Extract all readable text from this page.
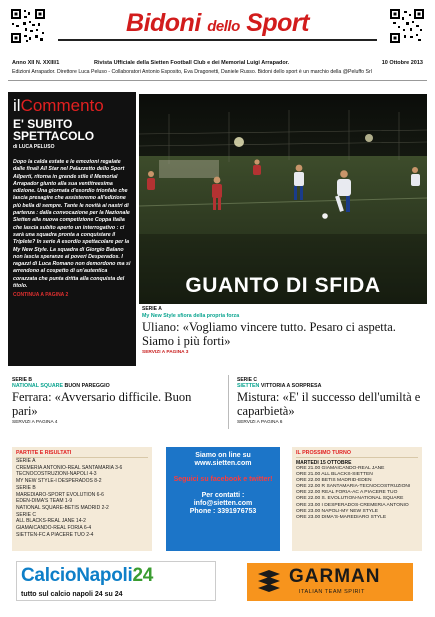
Bidoni dello Sport
Anno XII N. XXIII/1	Rivista Ufficiale della Sietten Football Club e dei Memorial Luigi Arrapador.	10 Ottobre 2013
Edizioni Arrapador. Direttore Luca Peluso - Collaboratori Antonio Esposito, Eva Dragonetti, Daniele Russo. Bidoni dello sport è un marchio della @Peluffo Srl
ilCommento
E' SUBITO SPETTACOLO
di LUCA PELUSO
Dopo la calda estate e le emozioni regalate dalle finali All Star nel Palazzetto dello Sport Allperti, ritorna in grande stile il Memorial Arrapador giunto alla sua ventitreesima edizione. Una giornata d'esordio trionfale che lascia presagire che assisteremo all'edizione più bella di sempre. Tante le novità ai nastri di partenza : dalla convocazione per la Nazionale Sietten alla nuova competizione Coppa Italia che lascia subito aperto un interrogativo : ci sarà una squadra pronta a conquistare il Triplete? In serie A esordio spettacolare per la My New Style. La squadra di Giorgio Balano non lascia speranze ai poveri Desperados. I ragazzi di Luca Romano non demordono ma si arrendono al cospetto di un'autentica corazzata che punta dritta alla conquista del titolo.
CONTINUA A PAGINA 2	GUANTO DI SFIDA
SERIE A
My New Style sfiora della propria forza
Uliano: «Vogliamo vincere tutto. Pesaro ci aspetta. Siamo i più forti»
SERVIZI A PAGINA 3
SERIE B
NATIONAL SQUARE BUON PAREGGIO
Ferrara: «Avversario difficile. Buon pari»
SERVIZI A PAGINA 4
SERIE C
SIETTEN VITTORIA A SORPRESA
Mistura: «E' il successo dell'umiltà e caparbietà»
SERVIZI A PAGINA 6
PARTITE E RISULTATI
SERIE A
CREMERIA ANTONIO-REAL SANTAMARIA 3-6
TECNOCOSTRUZIONI-NAPOLI 4-3
MY NEW STYLE-I DESPERADOS 8-2
SERIE B
MAREDIARO-SPORT EVOLUTION 6-6
EDEN-DIMA'S TEAM 1-9
NATIONAL SQUARE-BETIS MADRID 2-2
SERIE C
ALL BLACKS-REAL JANE 14-2
GIAMAICANDO-REAL FORIA 6-4
SIETTEN-FC A PIACERE TUO 2-4
Siamo on line su www.sietten.com
Seguici su facebook e twitter!
Per contatti :
info@sietten.com
Phone : 3391976753
IL PROSSIMO TURNO
MARTEDI 15 OTTOBRE
ORE 21.00 GIAMAICANDO-REAL JANE
ORE 21.00 ALL BLACKS-SIETTEN
ORE 22.00 BETIS MADRID-EDEN
ORE 22.00 R SANTAMARIA-TECNOCOSTRUZIONI
ORE 22.00 REAL FORIA-AC A PIACERE TUO
ORE 22.00 S. EVOLUTION-NATIONAL SQUARE
ORE 23.00 I DESPERADOS-CREMERIA ANTONIO
ORE 23.00 NAPOLI-MY NEW STYLE
ORE 23.00 DIMA'S-MAREDIARO STYLE
CalcioNapoli24
tutto sul calcio napoli 24 su 24
GARMAN
ITALIAN TEAM SPIRIT
